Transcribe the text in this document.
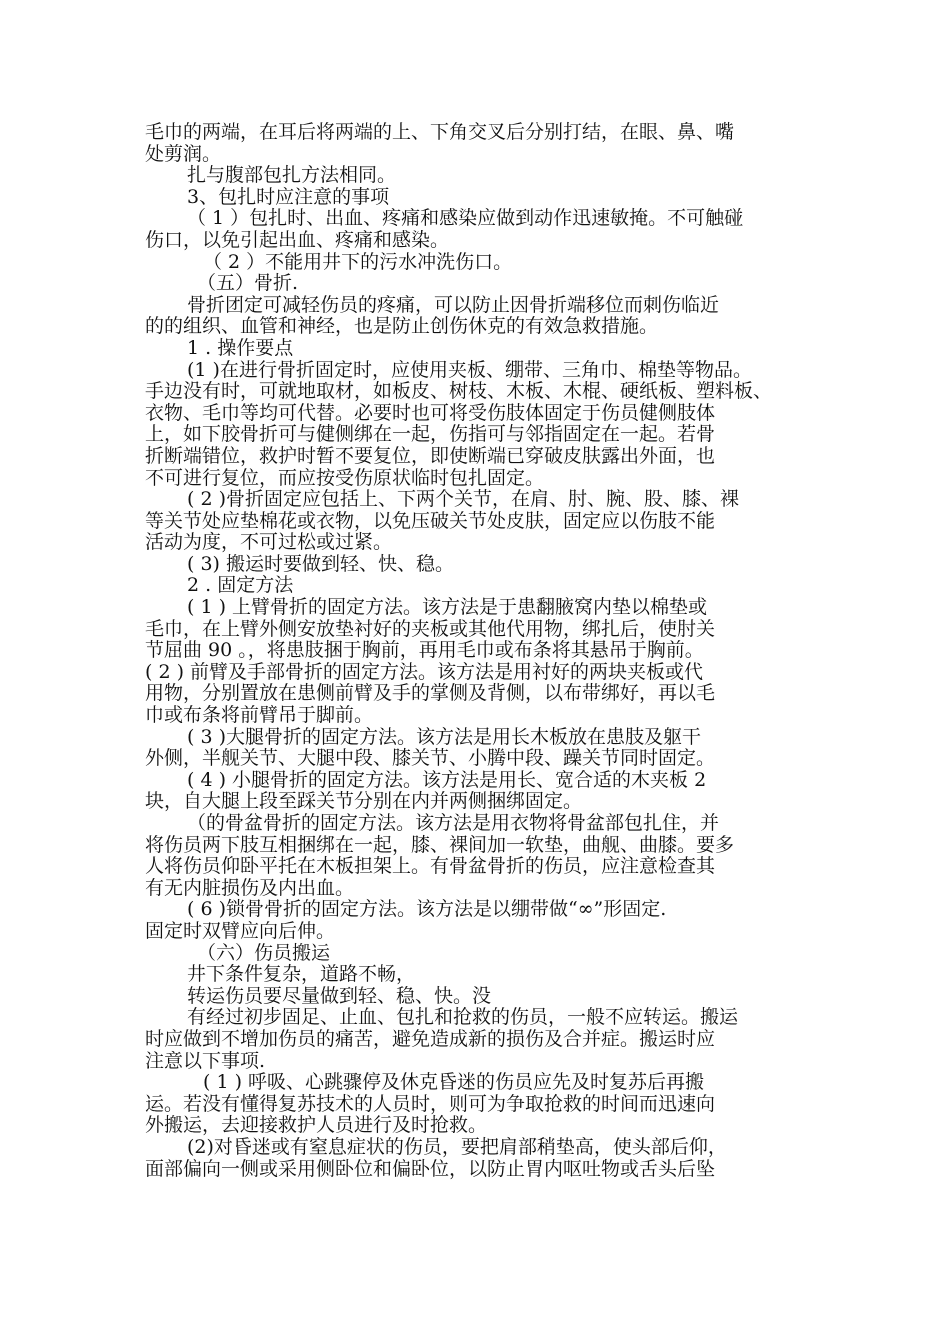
毛巾的两端，在耳后将两端的上、下角交叉后分别打结，在眼、鼻、嘴
处剪润。
扎与腹部包扎方法相同。
3、包扎时应注意的事项
（ 1 ）包扎时、出血、疼痛和感染应做到动作迅速敏掩。不可触碰
伤口，以免引起出血、疼痛和感染。
（ 2 ）不能用井下的污水冲洗伤口。
（五）骨折.
骨折团定可减轻伤员的疼痛，可以防止因骨折端移位而刺伤临近
的的组织、血管和神经，也是防止创伤休克的有效急救措施。
1 . 操作要点
(1 )在进行骨折固定时，应使用夹板、绷带、三角巾、棉垫等物品。
手边没有时，可就地取材，如板皮、树枝、木板、木棍、硬纸板、塑料板、
衣物、毛巾等均可代替。必要时也可将受伤肢体固定于伤员健侧肢体
上，如下胶骨折可与健侧绑在一起，伤指可与邻指固定在一起。若骨
折断端错位，救护时暂不要复位，即使断端已穿破皮肤露出外面，也
不可进行复位，而应按受伤原状临时包扎固定。
( 2 )骨折固定应包括上、下两个关节，在肩、肘、腕、股、膝、裸
等关节处应垫棉花或衣物，以免压破关节处皮肤，固定应以伤肢不能
活动为度，不可过松或过紧。
( 3) 搬运时要做到轻、快、稳。
2 . 固定方法
( 1 ) 上臂骨折的固定方法。该方法是于患翻腋窝内垫以棉垫或
毛巾，在上臂外侧安放垫衬好的夹板或其他代用物，绑扎后，使肘关
节屈曲 90 。，将患肢捆于胸前，再用毛巾或布条将其悬吊于胸前。
( 2 ) 前臂及手部骨折的固定方法。该方法是用衬好的两块夹板或代
用物，分别置放在患侧前臂及手的掌侧及背侧，以布带绑好，再以毛
巾或布条将前臂吊于脚前。
( 3 )大腿骨折的固定方法。该方法是用长木板放在患肢及躯干
外侧，半舰关节、大腿中段、膝关节、小腾中段、躁关节同时固定。
( 4 ) 小腿骨折的固定方法。该方法是用长、宽合适的木夹板 2
块，自大腿上段至踩关节分别在内并两侧捆绑固定。
（的骨盆骨折的固定方法。该方法是用衣物将骨盆部包扎住，并
将伤员两下肢互相捆绑在一起，膝、裸间加一软垫，曲舰、曲膝。要多
人将伤员仰卧平托在木板担架上。有骨盆骨折的伤员，应注意检查其
有无内脏损伤及内出血。
( 6 )锁骨骨折的固定方法。该方法是以绷带做“∞”形固定.
固定时双臂应向后伸。
（六）伤员搬运
井下条件复杂，道路不畅，
转运伤员要尽量做到轻、稳、快。没
有经过初步固足、止血、包扎和抢救的伤员，一般不应转运。搬运
时应做到不增加伤员的痛苦，避免造成新的损伤及合并症。搬运时应
注意以下事项.
( 1 ) 呼吸、心跳骤停及休克昏迷的伤员应先及时复苏后再搬
运。若没有懂得复苏技术的人员时，则可为争取抢救的时间而迅速向
外搬运，去迎接救护人员进行及时抢救。
(2)对昏迷或有窒息症状的伤员，要把肩部稍垫高，使头部后仰，
面部偏向一侧或采用侧卧位和偏卧位，以防止胃内呕吐物或舌头后坠
